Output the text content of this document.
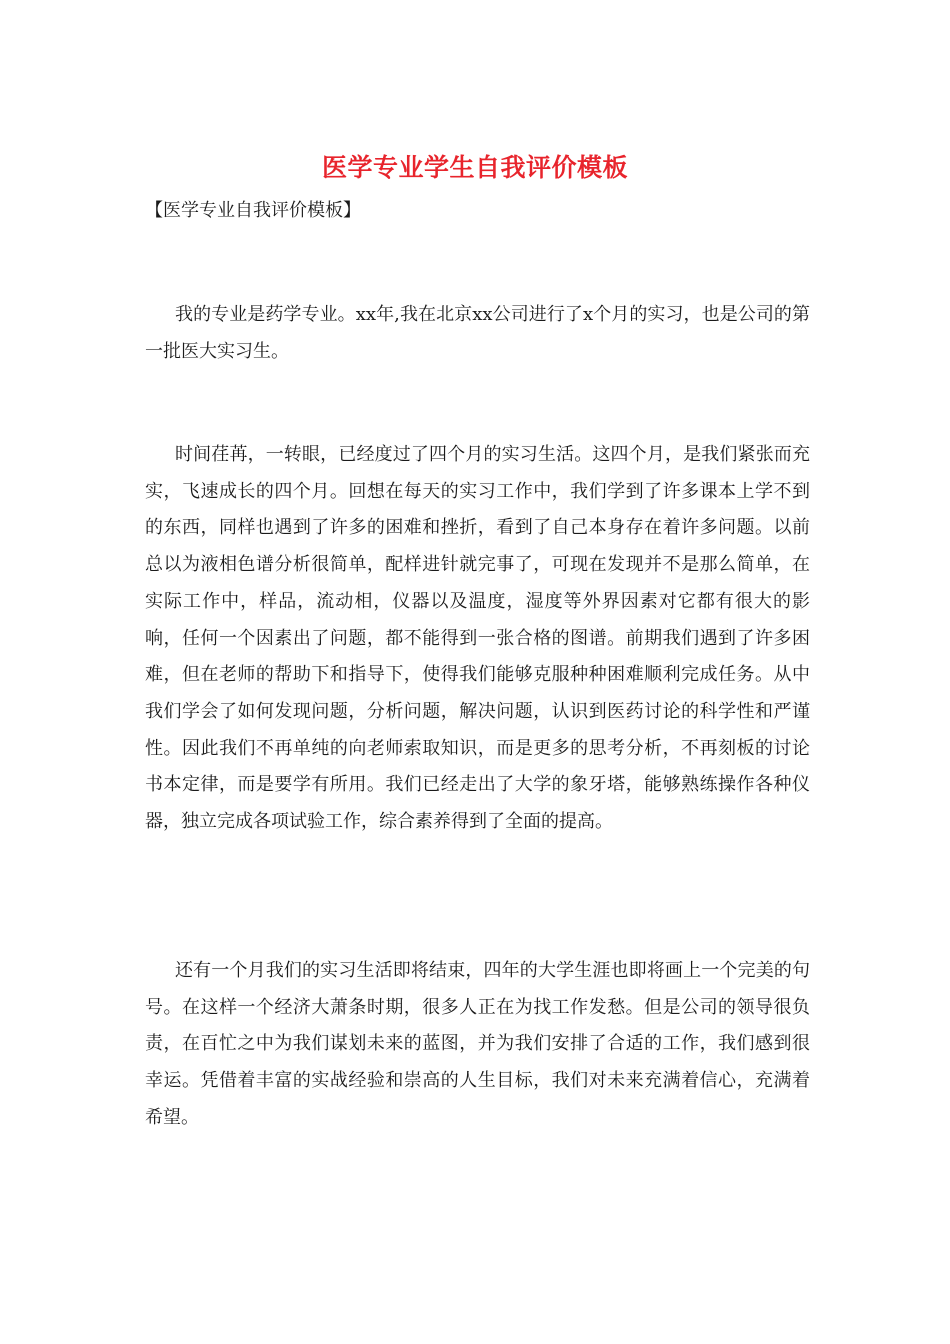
医学专业学生自我评价模板
【医学专业自我评价模板】

我的专业是药学专业。xx年,我在北京xx公司进行了x个月的实习，也是公司的第一批医大实习生。

时间荏苒，一转眼，已经度过了四个月的实习生活。这四个月，是我们紧张而充实，飞速成长的四个月。回想在每天的实习工作中，我们学到了许多课本上学不到的东西，同样也遇到了许多的困难和挫折，看到了自己本身存在着许多问题。以前总以为液相色谱分析很简单，配样进针就完事了，可现在发现并不是那么简单，在实际工作中，样品，流动相，仪器以及温度，湿度等外界因素对它都有很大的影响，任何一个因素出了问题，都不能得到一张合格的图谱。前期我们遇到了许多困难，但在老师的帮助下和指导下，使得我们能够克服种种困难顺利完成任务。从中我们学会了如何发现问题，分析问题，解决问题，认识到医药讨论的科学性和严谨性。因此我们不再单纯的向老师索取知识，而是更多的思考分析，不再刻板的讨论书本定律，而是要学有所用。我们已经走出了大学的象牙塔，能够熟练操作各种仪器，独立完成各项试验工作，综合素养得到了全面的提高。

还有一个月我们的实习生活即将结束，四年的大学生涯也即将画上一个完美的句号。在这样一个经济大萧条时期，很多人正在为找工作发愁。但是公司的领导很负责，在百忙之中为我们谋划未来的蓝图，并为我们安排了合适的工作，我们感到很幸运。凭借着丰富的实战经验和崇高的人生目标，我们对未来充满着信心，充满着希望。
